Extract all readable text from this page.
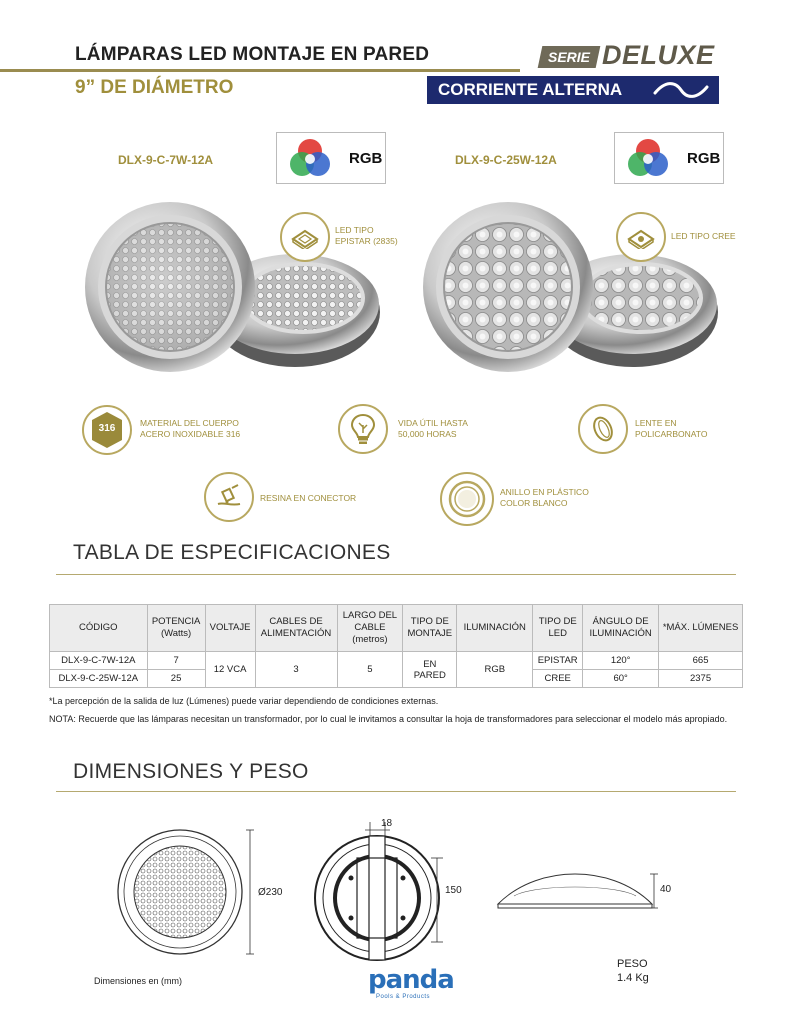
LÁMPARAS LED MONTAJE EN PARED
9” DE DIÁMETRO
SERIE DELUXE
CORRIENTE ALTERNA
DLX-9-C-7W-12A	RGB
LED TIPO
EPISTAR (2835)
DLX-9-C-25W-12A	RGB
LED TIPO CREE
316	MATERIAL DEL CUERPO
ACERO INOXIDABLE 316
VIDA ÚTIL HASTA
50,000 HORAS
LENTE EN
POLICARBONATO
RESINA EN CONECTOR
ANILLO EN PLÁSTICO
COLOR BLANCO
TABLA DE ESPECIFICACIONES
CÓDIGO	POTENCIA (Watts)	VOLTAJE	CABLES DE ALIMENTACIÓN	LARGO DEL CABLE (metros)	TIPO DE MONTAJE	ILUMINACIÓN	TIPO DE LED	ÁNGULO DE ILUMINACIÓN	*MÁX. LÚMENES
DLX-9-C-7W-12A	7	12 VCA	3	5	EN PARED	RGB	EPISTAR	120°	665
DLX-9-C-25W-12A	25						CREE	60°	2375
*La percepción de la salida de luz (Lúmenes) puede variar dependiendo de condiciones externas.
NOTA: Recuerde que las lámparas necesitan un transformador, por lo cual le invitamos a consultar la hoja de transformadores para seleccionar el modelo más apropiado.
DIMENSIONES Y PESO
Ø230
18
150	40
Dimensiones en (mm)
PESO
1.4 Kg
panda
Pools & Products
